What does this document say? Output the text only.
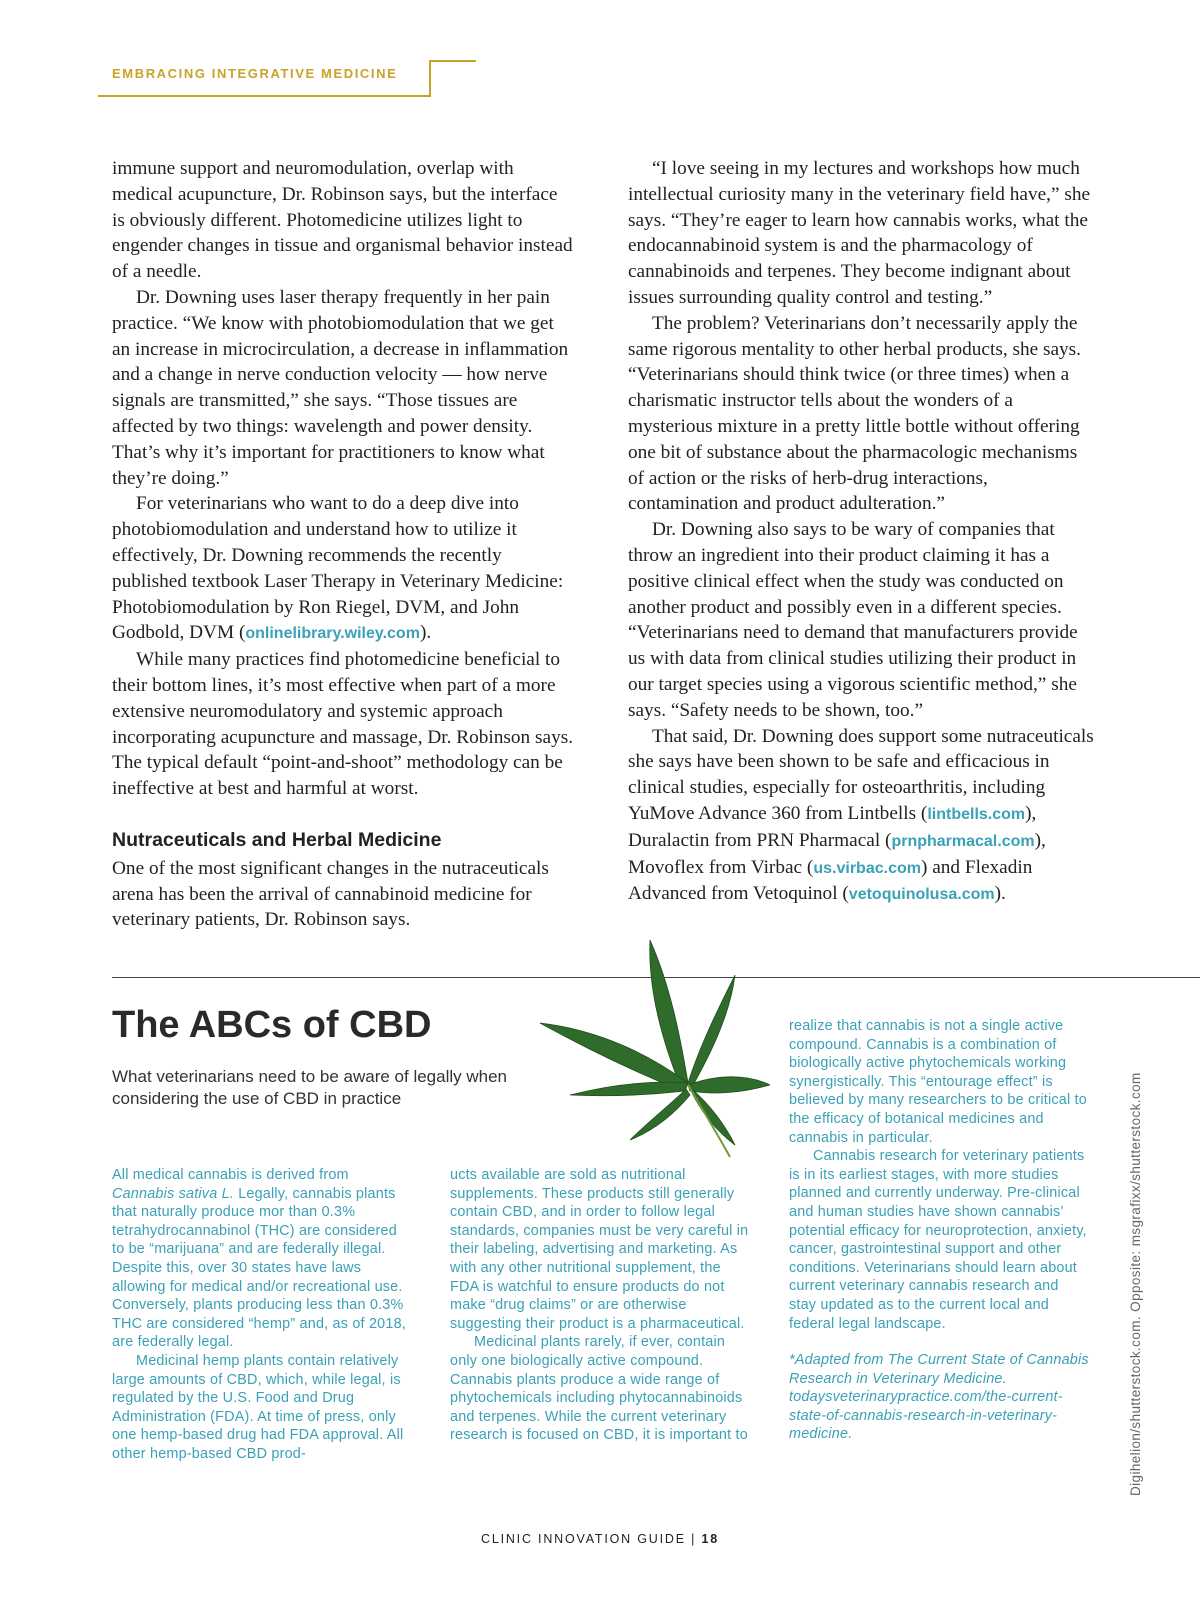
EMBRACING INTEGRATIVE MEDICINE

immune support and neuromodulation, overlap with medical acupuncture, Dr. Robinson says, but the interface is obviously different. Photomedicine utilizes light to engender changes in tissue and organismal behavior instead of a needle.

Dr. Downing uses laser therapy frequently in her pain practice. “We know with photobiomodulation that we get an increase in microcirculation, a decrease in inflammation and a change in nerve conduction velocity — how nerve signals are transmitted,” she says. “Those tissues are affected by two things: wavelength and power density. That’s why it’s important for practitioners to know what they’re doing.”

For veterinarians who want to do a deep dive into photobiomodulation and understand how to utilize it effectively, Dr. Downing recommends the recently published textbook Laser Therapy in Veterinary Medicine: Photobiomodulation by Ron Riegel, DVM, and John Godbold, DVM (onlinelibrary.wiley.com).

While many practices find photomedicine beneficial to their bottom lines, it’s most effective when part of a more extensive neuromodulatory and systemic approach incorporating acupuncture and massage, Dr. Robinson says. The typical default “point-and-shoot” methodology can be ineffective at best and harmful at worst.

Nutraceuticals and Herbal Medicine

One of the most significant changes in the nutraceuticals arena has been the arrival of cannabinoid medicine for veterinary patients, Dr. Robinson says.

“I love seeing in my lectures and workshops how much intellectual curiosity many in the veterinary field have,” she says. “They’re eager to learn how cannabis works, what the endocannabinoid system is and the pharmacology of cannabinoids and terpenes. They become indignant about issues surrounding quality control and testing.”

The problem? Veterinarians don’t necessarily apply the same rigorous mentality to other herbal products, she says. “Veterinarians should think twice (or three times) when a charismatic instructor tells about the wonders of a mysterious mixture in a pretty little bottle without offering one bit of substance about the pharmacologic mechanisms of action or the risks of herb-drug interactions, contamination and product adulteration.”

Dr. Downing also says to be wary of companies that throw an ingredient into their product claiming it has a positive clinical effect when the study was conducted on another product and possibly even in a different species. “Veterinarians need to demand that manufacturers provide us with data from clinical studies utilizing their product in our target species using a vigorous scientific method,” she says. “Safety needs to be shown, too.”

That said, Dr. Downing does support some nutraceuticals she says have been shown to be safe and efficacious in clinical studies, especially for osteoarthritis, including YuMove Advance 360 from Lintbells (lintbells.com), Duralactin from PRN Pharmacal (prnpharmacal.com), Movoflex from Virbac (us.virbac.com) and Flexadin Advanced from Vetoquinol (vetoquinolusa.com).

The ABCs of CBD
What veterinarians need to be aware of legally when considering the use of CBD in practice

All medical cannabis is derived from Cannabis sativa L. Legally, cannabis plants that naturally produce mor than 0.3% tetrahydrocannabinol (THC) are considered to be “marijuana” and are federally illegal. Despite this, over 30 states have laws allowing for medical and/or recreational use. Conversely, plants producing less than 0.3% THC are considered “hemp” and, as of 2018, are federally legal.

Medicinal hemp plants contain relatively large amounts of CBD, which, while legal, is regulated by the U.S. Food and Drug Administration (FDA). At time of press, only one hemp-based drug had FDA approval. All other hemp-based CBD prod-

ucts available are sold as nutritional supplements. These products still generally contain CBD, and in order to follow legal standards, companies must be very careful in their labeling, advertising and marketing. As with any other nutritional supplement, the FDA is watchful to ensure products do not make “drug claims” or are otherwise suggesting their product is a pharmaceutical.

Medicinal plants rarely, if ever, contain only one biologically active compound. Cannabis plants produce a wide range of phytochemicals including phytocannabinoids and terpenes. While the current veterinary research is focused on CBD, it is important to

realize that cannabis is not a single active compound. Cannabis is a combination of biologically active phytochemicals working synergistically. This “entourage effect” is believed by many researchers to be critical to the efficacy of botanical medicines and cannabis in particular.

Cannabis research for veterinary patients is in its earliest stages, with more studies planned and currently underway. Pre-clinical and human studies have shown cannabis’ potential efficacy for neuroprotection, anxiety, cancer, gastrointestinal support and other conditions. Veterinarians should learn about current veterinary cannabis research and stay updated as to the current local and federal legal landscape.

*Adapted from The Current State of Cannabis Research in Veterinary Medicine. todaysveterinarypractice.com/the-current-state-of-cannabis-research-in-veterinary-medicine.	Digihelion/shutterstock.com. Opposite: msgrafixx/shutterstock.com
CLINIC INNOVATION GUIDE | 18
